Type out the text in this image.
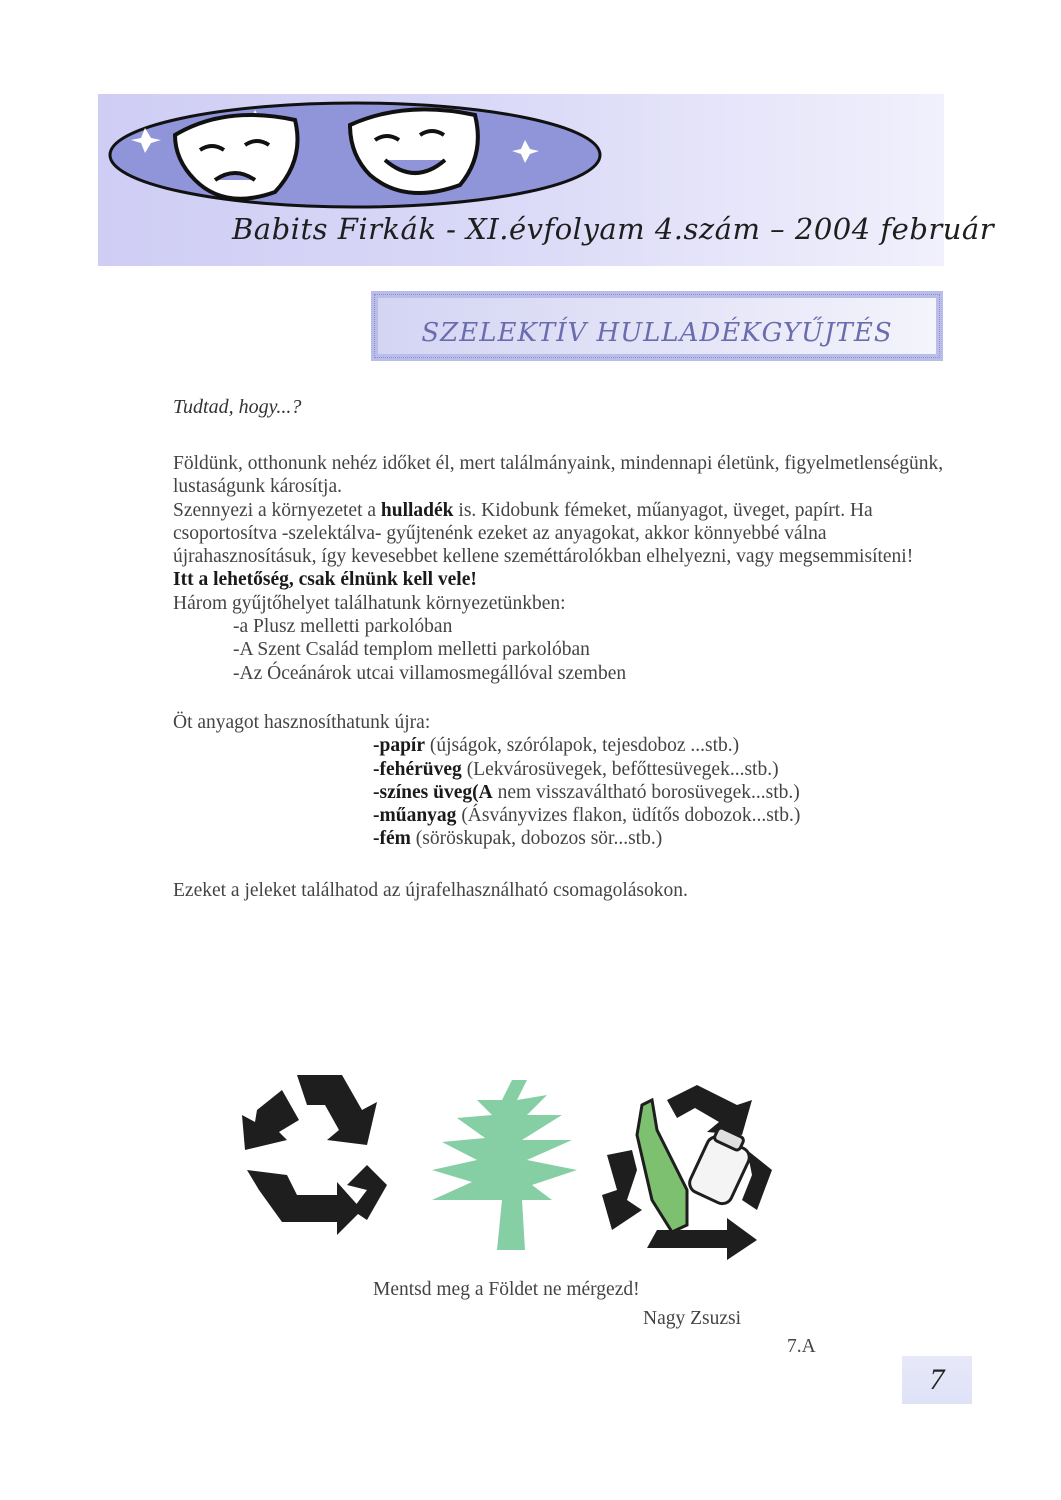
Babits Firkák - XI.évfolyam 4.szám – 2004 február
SZELEKTÍV HULLADÉKGYŰJTÉS
Tudtad, hogy...?

Földünk, otthonunk nehéz időket él, mert találmányaink, mindennapi életünk, figyelmetlenségünk, lustaságunk károsítja.

Szennyezi a környezetet a hulladék is. Kidobunk fémeket, műanyagot, üveget, papírt. Ha csoportosítva -szelektálva- gyűjtenénk ezeket az anyagokat, akkor könnyebbé válna újrahasznosításuk, így kevesebbet kellene szeméttárolókban elhelyezni, vagy megsemmisíteni!

Itt a lehetőség, csak élnünk kell vele!

Három gyűjtőhelyet találhatunk környezetünkben:

-a Plusz melletti parkolóban

-A Szent Család templom melletti parkolóban

-Az Óceánárok utcai villamosmegállóval szemben

Öt anyagot hasznosíthatunk újra:

-papír (újságok, szórólapok, tejesdoboz ...stb.)

-fehérüveg (Lekvárosüvegek, befőttesüvegek...stb.)

-színes üveg(A nem visszaváltható borosüvegek...stb.)

-műanyag (Ásványvizes flakon, üdítős dobozok...stb.)

-fém (söröskupak, dobozos sör...stb.)

Ezeket a jeleket találhatod az újrafelhasználható csomagolásokon.

Mentsd meg a Földet ne mérgezd!
Nagy Zsuzsi
7.A
7
